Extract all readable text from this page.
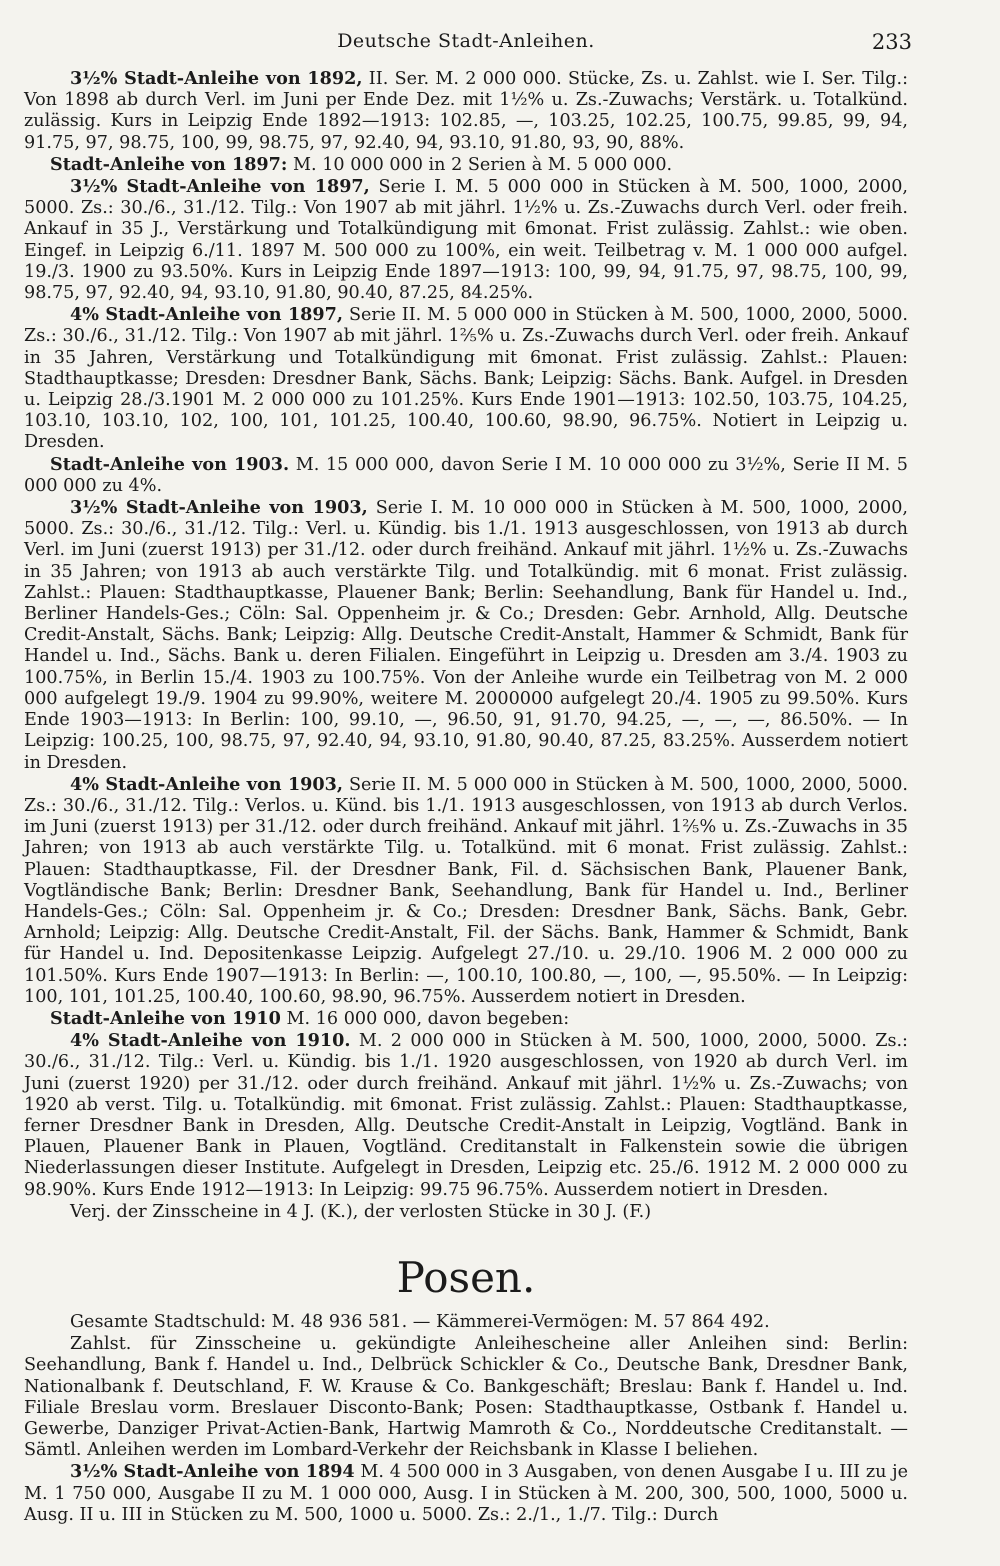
Deutsche Stadt-Anleihen.	233

3½% Stadt-Anleihe von 1892, II. Ser. M. 2 000 000. Stücke, Zs. u. Zahlst. wie I. Ser. Tilg.: Von 1898 ab durch Verl. im Juni per Ende Dez. mit 1½% u. Zs.-Zuwachs; Verstärk. u. Totalkünd. zulässig. Kurs in Leipzig Ende 1892—1913: 102.85, —, 103.25, 102.25, 100.75, 99.85, 99, 94, 91.75, 97, 98.75, 100, 99, 98.75, 97, 92.40, 94, 93.10, 91.80, 93, 90, 88%.

Stadt-Anleihe von 1897: M. 10 000 000 in 2 Serien à M. 5 000 000.

3½% Stadt-Anleihe von 1897, Serie I. M. 5 000 000 in Stücken à M. 500, 1000, 2000, 5000. Zs.: 30./6., 31./12. Tilg.: Von 1907 ab mit jährl. 1½% u. Zs.-Zuwachs durch Verl. oder freih. Ankauf in 35 J., Verstärkung und Totalkündigung mit 6monat. Frist zulässig. Zahlst.: wie oben. Eingef. in Leipzig 6./11. 1897 M. 500 000 zu 100%, ein weit. Teilbetrag v. M. 1 000 000 aufgel. 19./3. 1900 zu 93.50%. Kurs in Leipzig Ende 1897—1913: 100, 99, 94, 91.75, 97, 98.75, 100, 99, 98.75, 97, 92.40, 94, 93.10, 91.80, 90.40, 87.25, 84.25%.

4% Stadt-Anleihe von 1897, Serie II. M. 5 000 000 in Stücken à M. 500, 1000, 2000, 5000. Zs.: 30./6., 31./12. Tilg.: Von 1907 ab mit jährl. 1⅖% u. Zs.-Zuwachs durch Verl. oder freih. Ankauf in 35 Jahren, Verstärkung und Totalkündigung mit 6monat. Frist zulässig. Zahlst.: Plauen: Stadthauptkasse; Dresden: Dresdner Bank, Sächs. Bank; Leipzig: Sächs. Bank. Aufgel. in Dresden u. Leipzig 28./3.1901 M. 2 000 000 zu 101.25%. Kurs Ende 1901—1913: 102.50, 103.75, 104.25, 103.10, 103.10, 102, 100, 101, 101.25, 100.40, 100.60, 98.90, 96.75%. Notiert in Leipzig u. Dresden.

Stadt-Anleihe von 1903. M. 15 000 000, davon Serie I M. 10 000 000 zu 3½%, Serie II M. 5 000 000 zu 4%.

3½% Stadt-Anleihe von 1903, Serie I. M. 10 000 000 in Stücken à M. 500, 1000, 2000, 5000. Zs.: 30./6., 31./12. Tilg.: Verl. u. Kündig. bis 1./1. 1913 ausgeschlossen, von 1913 ab durch Verl. im Juni (zuerst 1913) per 31./12. oder durch freihänd. Ankauf mit jährl. 1½% u. Zs.-Zuwachs in 35 Jahren; von 1913 ab auch verstärkte Tilg. und Totalkündig. mit 6 monat. Frist zulässig. Zahlst.: Plauen: Stadthauptkasse, Plauener Bank; Berlin: Seehandlung, Bank für Handel u. Ind., Berliner Handels-Ges.; Cöln: Sal. Oppenheim jr. & Co.; Dresden: Gebr. Arnhold, Allg. Deutsche Credit-Anstalt, Sächs. Bank; Leipzig: Allg. Deutsche Credit-Anstalt, Hammer & Schmidt, Bank für Handel u. Ind., Sächs. Bank u. deren Filialen. Eingeführt in Leipzig u. Dresden am 3./4. 1903 zu 100.75%, in Berlin 15./4. 1903 zu 100.75%. Von der Anleihe wurde ein Teilbetrag von M. 2 000 000 aufgelegt 19./9. 1904 zu 99.90%, weitere M. 2000000 aufgelegt 20./4. 1905 zu 99.50%. Kurs Ende 1903—1913: In Berlin: 100, 99.10, —, 96.50, 91, 91.70, 94.25, —, —, —, 86.50%. — In Leipzig: 100.25, 100, 98.75, 97, 92.40, 94, 93.10, 91.80, 90.40, 87.25, 83.25%. Ausserdem notiert in Dresden.

4% Stadt-Anleihe von 1903, Serie II. M. 5 000 000 in Stücken à M. 500, 1000, 2000, 5000. Zs.: 30./6., 31./12. Tilg.: Verlos. u. Künd. bis 1./1. 1913 ausgeschlossen, von 1913 ab durch Verlos. im Juni (zuerst 1913) per 31./12. oder durch freihänd. Ankauf mit jährl. 1⅖% u. Zs.-Zuwachs in 35 Jahren; von 1913 ab auch verstärkte Tilg. u. Totalkünd. mit 6 monat. Frist zulässig. Zahlst.: Plauen: Stadthauptkasse, Fil. der Dresdner Bank, Fil. d. Sächsischen Bank, Plauener Bank, Vogtländische Bank; Berlin: Dresdner Bank, Seehandlung, Bank für Handel u. Ind., Berliner Handels-Ges.; Cöln: Sal. Oppenheim jr. & Co.; Dresden: Dresdner Bank, Sächs. Bank, Gebr. Arnhold; Leipzig: Allg. Deutsche Credit-Anstalt, Fil. der Sächs. Bank, Hammer & Schmidt, Bank für Handel u. Ind. Depositenkasse Leipzig. Aufgelegt 27./10. u. 29./10. 1906 M. 2 000 000 zu 101.50%. Kurs Ende 1907—1913: In Berlin: —, 100.10, 100.80, —, 100, —, 95.50%. — In Leipzig: 100, 101, 101.25, 100.40, 100.60, 98.90, 96.75%. Ausserdem notiert in Dresden.

Stadt-Anleihe von 1910 M. 16 000 000, davon begeben:

4% Stadt-Anleihe von 1910. M. 2 000 000 in Stücken à M. 500, 1000, 2000, 5000. Zs.: 30./6., 31./12. Tilg.: Verl. u. Kündig. bis 1./1. 1920 ausgeschlossen, von 1920 ab durch Verl. im Juni (zuerst 1920) per 31./12. oder durch freihänd. Ankauf mit jährl. 1½% u. Zs.-Zuwachs; von 1920 ab verst. Tilg. u. Totalkündig. mit 6monat. Frist zulässig. Zahlst.: Plauen: Stadthauptkasse, ferner Dresdner Bank in Dresden, Allg. Deutsche Credit-Anstalt in Leipzig, Vogtländ. Bank in Plauen, Plauener Bank in Plauen, Vogtländ. Creditanstalt in Falkenstein sowie die übrigen Niederlassungen dieser Institute. Aufgelegt in Dresden, Leipzig etc. 25./6. 1912 M. 2 000 000 zu 98.90%. Kurs Ende 1912—1913: In Leipzig: 99.75 96.75%. Ausserdem notiert in Dresden.

Verj. der Zinsscheine in 4 J. (K.), der verlosten Stücke in 30 J. (F.)

Posen.

Gesamte Stadtschuld: M. 48 936 581. — Kämmerei-Vermögen: M. 57 864 492.

Zahlst. für Zinsscheine u. gekündigte Anleihescheine aller Anleihen sind: Berlin: Seehandlung, Bank f. Handel u. Ind., Delbrück Schickler & Co., Deutsche Bank, Dresdner Bank, Nationalbank f. Deutschland, F. W. Krause & Co. Bankgeschäft; Breslau: Bank f. Handel u. Ind. Filiale Breslau vorm. Breslauer Disconto-Bank; Posen: Stadthauptkasse, Ostbank f. Handel u. Gewerbe, Danziger Privat-Actien-Bank, Hartwig Mamroth & Co., Norddeutsche Creditanstalt. — Sämtl. Anleihen werden im Lombard-Verkehr der Reichsbank in Klasse I beliehen.

3½% Stadt-Anleihe von 1894 M. 4 500 000 in 3 Ausgaben, von denen Ausgabe I u. III zu je M. 1 750 000, Ausgabe II zu M. 1 000 000, Ausg. I in Stücken à M. 200, 300, 500, 1000, 5000 u. Ausg. II u. III in Stücken zu M. 500, 1000 u. 5000. Zs.: 2./1., 1./7. Tilg.: Durch
